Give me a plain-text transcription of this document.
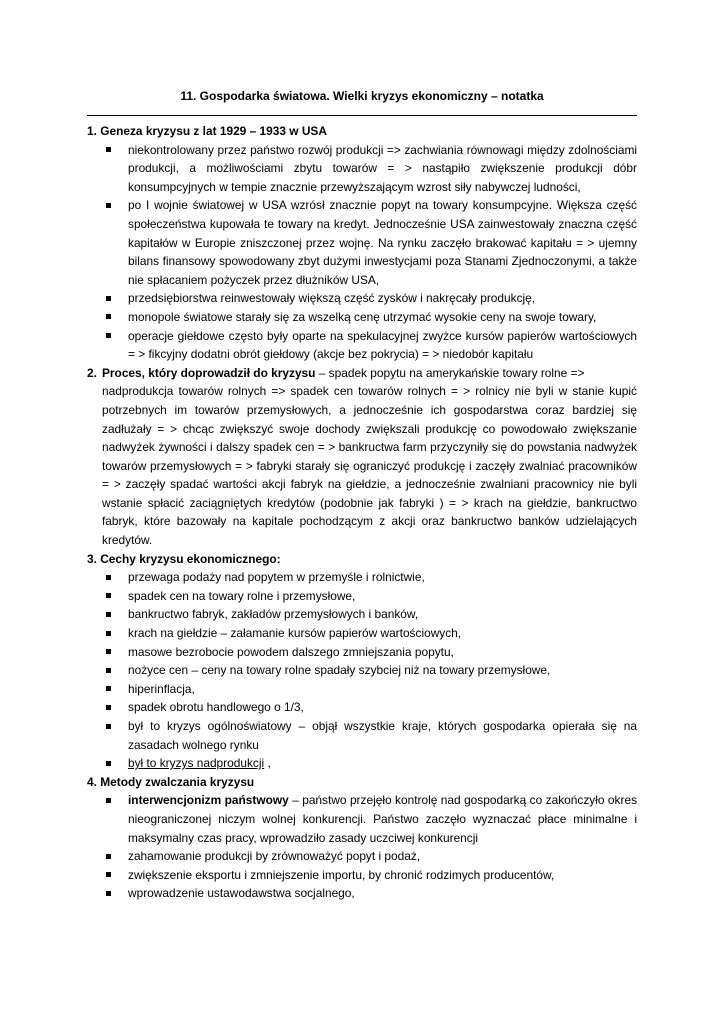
11. Gospodarka światowa. Wielki kryzys ekonomiczny – notatka
1. Geneza kryzysu z lat 1929 – 1933 w USA
niekontrolowany przez państwo rozwój produkcji => zachwiania równowagi między zdolnościami produkcji, a możliwościami zbytu towarów = > nastąpiło zwiększenie produkcji dóbr konsumpcyjnych w tempie znacznie przewyższającym wzrost siły nabywczej ludności,
po I wojnie światowej w USA wzrósł znacznie popyt na towary konsumpcyjne. Większa część społeczeństwa kupowała te towary na kredyt. Jednocześnie USA zainwestowały znaczna część kapitałów w Europie zniszczonej przez wojnę. Na rynku zaczęło brakować kapitału = > ujemny bilans finansowy spowodowany zbyt dużymi inwestycjami poza Stanami Zjednoczonymi, a także nie spłacaniem pożyczek przez dłużników USA,
przedsiębiorstwa reinwestowały większą część zysków i nakręcały produkcję,
monopole światowe starały się za wszelką cenę utrzymać wysokie ceny na swoje towary,
operacje giełdowe często były oparte na spekulacyjnej zwyżce kursów papierów wartościowych = > fikcyjny dodatni obrót giełdowy (akcje bez pokrycia) = > niedobór kapitału
2. Proces, który doprowadził do kryzysu – spadek popytu na amerykańskie towary rolne =>
nadprodukcja towarów rolnych => spadek cen towarów rolnych = > rolnicy nie byli w stanie kupić potrzebnych im towarów przemysłowych, a jednocześnie ich gospodarstwa coraz bardziej się zadłużały = > chcąc zwiększyć swoje dochody zwiększali produkcję co powodowało zwiększanie nadwyżek żywności i dalszy spadek cen = > bankructwa farm przyczyniły się do powstania nadwyżek towarów przemysłowych = > fabryki starały się ograniczyć produkcję i zaczęły zwalniać pracowników = > zaczęły spadać wartości akcji fabryk na giełdzie, a jednocześnie zwalniani pracownicy nie byli wstanie spłacić zaciągniętych kredytów (podobnie jak fabryki ) = > krach na giełdzie, bankructwo fabryk, które bazowały na kapitale pochodzącym z akcji oraz bankructwo banków udzielających kredytów.
3. Cechy kryzysu ekonomicznego:
przewaga podaży nad popytem w przemyśle i rolnictwie,
spadek cen na towary rolne i przemysłowe,
bankructwo fabryk, zakładów przemysłowych i banków,
krach na giełdzie – załamanie kursów papierów wartościowych,
masowe bezrobocie powodem dalszego zmniejszania popytu,
nożyce cen – ceny na towary rolne spadały szybciej niż na towary przemysłowe,
hiperinflacja,
spadek obrotu handlowego o 1/3,
był to kryzys ogólnoświatowy – objął wszystkie kraje, których gospodarka opierała się na zasadach wolnego rynku
był to kryzys nadprodukcji ,
4. Metody zwalczania kryzysu
interwencjonizm państwowy – państwo przejęło kontrolę nad gospodarką co zakończyło okres nieograniczonej niczym wolnej konkurencji. Państwo zaczęło wyznaczać płace minimalne i maksymalny czas pracy, wprowadziło zasady uczciwej konkurencji
zahamowanie produkcji by zrównoważyć popyt i podaż,
zwiększenie eksportu i zmniejszenie importu, by chronić rodzimych producentów,
wprowadzenie ustawodawstwa socjalnego,
